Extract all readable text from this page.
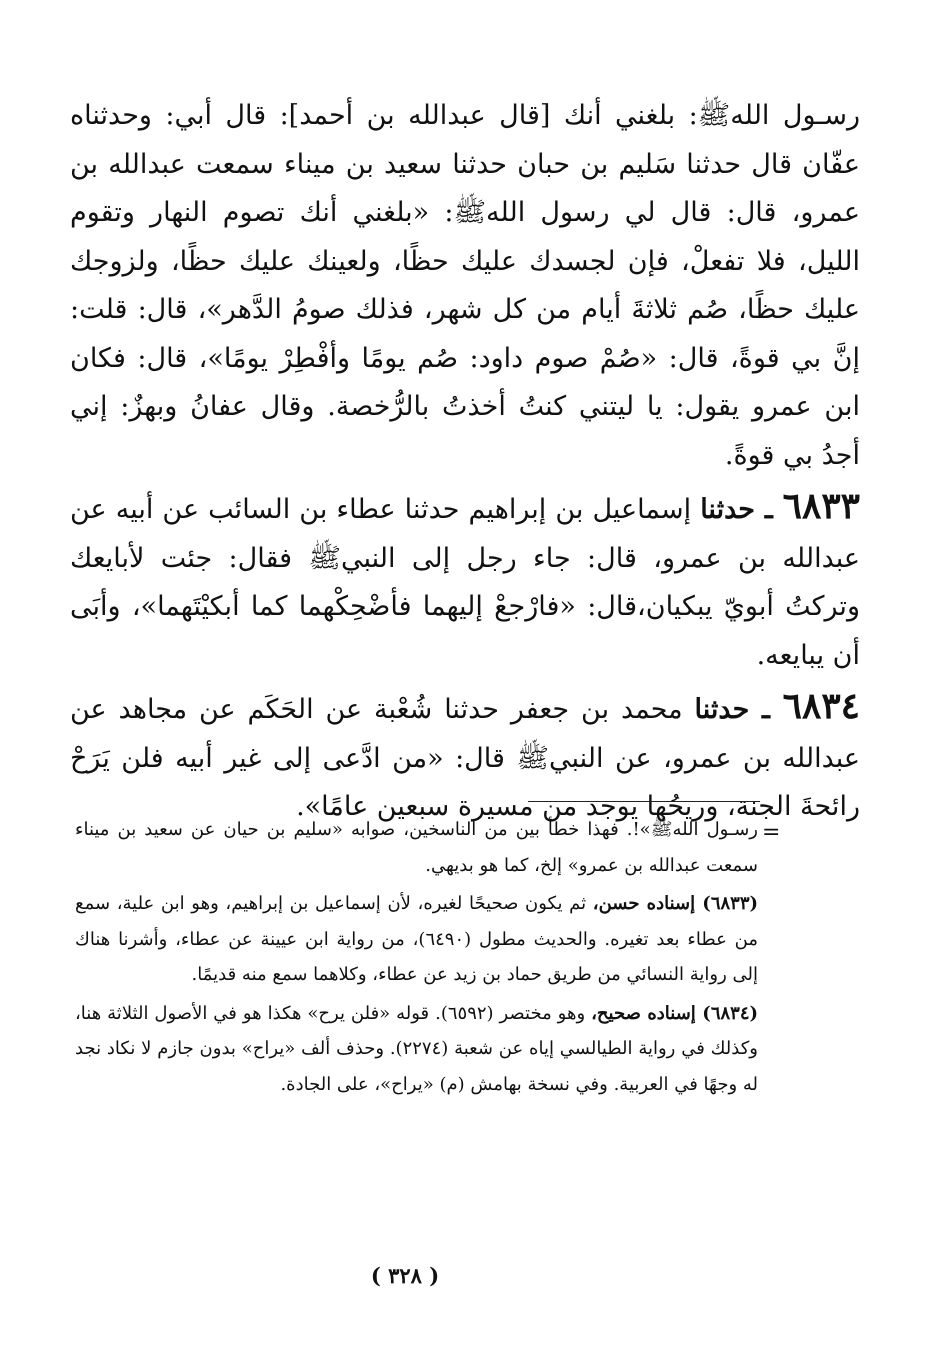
رسـول اللهﷺ: بلغني أنك [قال عبدالله بن أحمد]: قال أبي: وحدثناه عفّان قال حدثنا سَليم بن حبان حدثنا سعيد بن ميناء سمعت عبدالله بن عمرو، قال: قال لي رسول اللهﷺ: «بلغني أنك تصوم النهار وتقوم الليل، فلا تفعلْ، فإن لجسدك عليك حظًا، ولعينك عليك حظًا، ولزوجك عليك حظًا، صُم ثلاثةَ أيام من كل شهر، فذلك صومُ الدَّهر»، قال: قلت: إنَّ بي قوةً، قال: «صُمْ صوم داود: صُم يومًا وأفْطِرْ يومًا»، قال: فكان ابن عمرو يقول: يا ليتني كنتُ أخذتُ بالرُّخصة. وقال عفانُ وبهزٌ: إني أجدُ بي قوةً.

٦٨٣٣ ـ حدثنا إسماعيل بن إبراهيم حدثنا عطاء بن السائب عن أبيه عن عبدالله بن عمرو، قال: جاء رجل إلى النبيﷺ فقال: جئت لأبايعك وتركتُ أبويّ يبكيان،قال: «فارْجعْ إليهما فأضْحِكْهما كما أبكيْتَهما»، وأبَى أن يبايعه.

٦٨٣٤ ـ حدثنا محمد بن جعفر حدثنا شُعْبة عن الحَكَم عن مجاهد عن عبدالله بن عمرو، عن النبيﷺ قال: «من ادَّعى إلى غير أبيه فلن يَرَحْ رائحةَ الجنة، وريحُها يوجد من مسيرة سبعين عامًا».

=

رسـول اللهﷺ»!. فهذا خطأ بين من الناسخين، صوابه «سليم بن حيان عن سعيد بن ميناء سمعت عبدالله بن عمرو» إلخ، كما هو بديهي.

(٦٨٣٣) إسناده حسن، ثم يكون صحيحًا لغيره، لأن إسماعيل بن إبراهيم، وهو ابن علية، سمع من عطاء بعد تغيره. والحديث مطول (٦٤٩٠)، من رواية ابن عيينة عن عطاء، وأشرنا هناك إلى رواية النسائي من طريق حماد بن زيد عن عطاء، وكلاهما سمع منه قديمًا.

(٦٨٣٤) إسناده صحيح، وهو مختصر (٦٥٩٢). قوله «فلن يرح» هكذا هو في الأصول الثلاثة هنا، وكذلك في رواية الطيالسي إياه عن شعبة (٢٢٧٤). وحذف ألف «يراح» بدون جازم لا نكاد نجد له وجهًا في العربية. وفي نسخة بهامش (م) «يراح»، على الجادة.

( ٣٢٨ )
